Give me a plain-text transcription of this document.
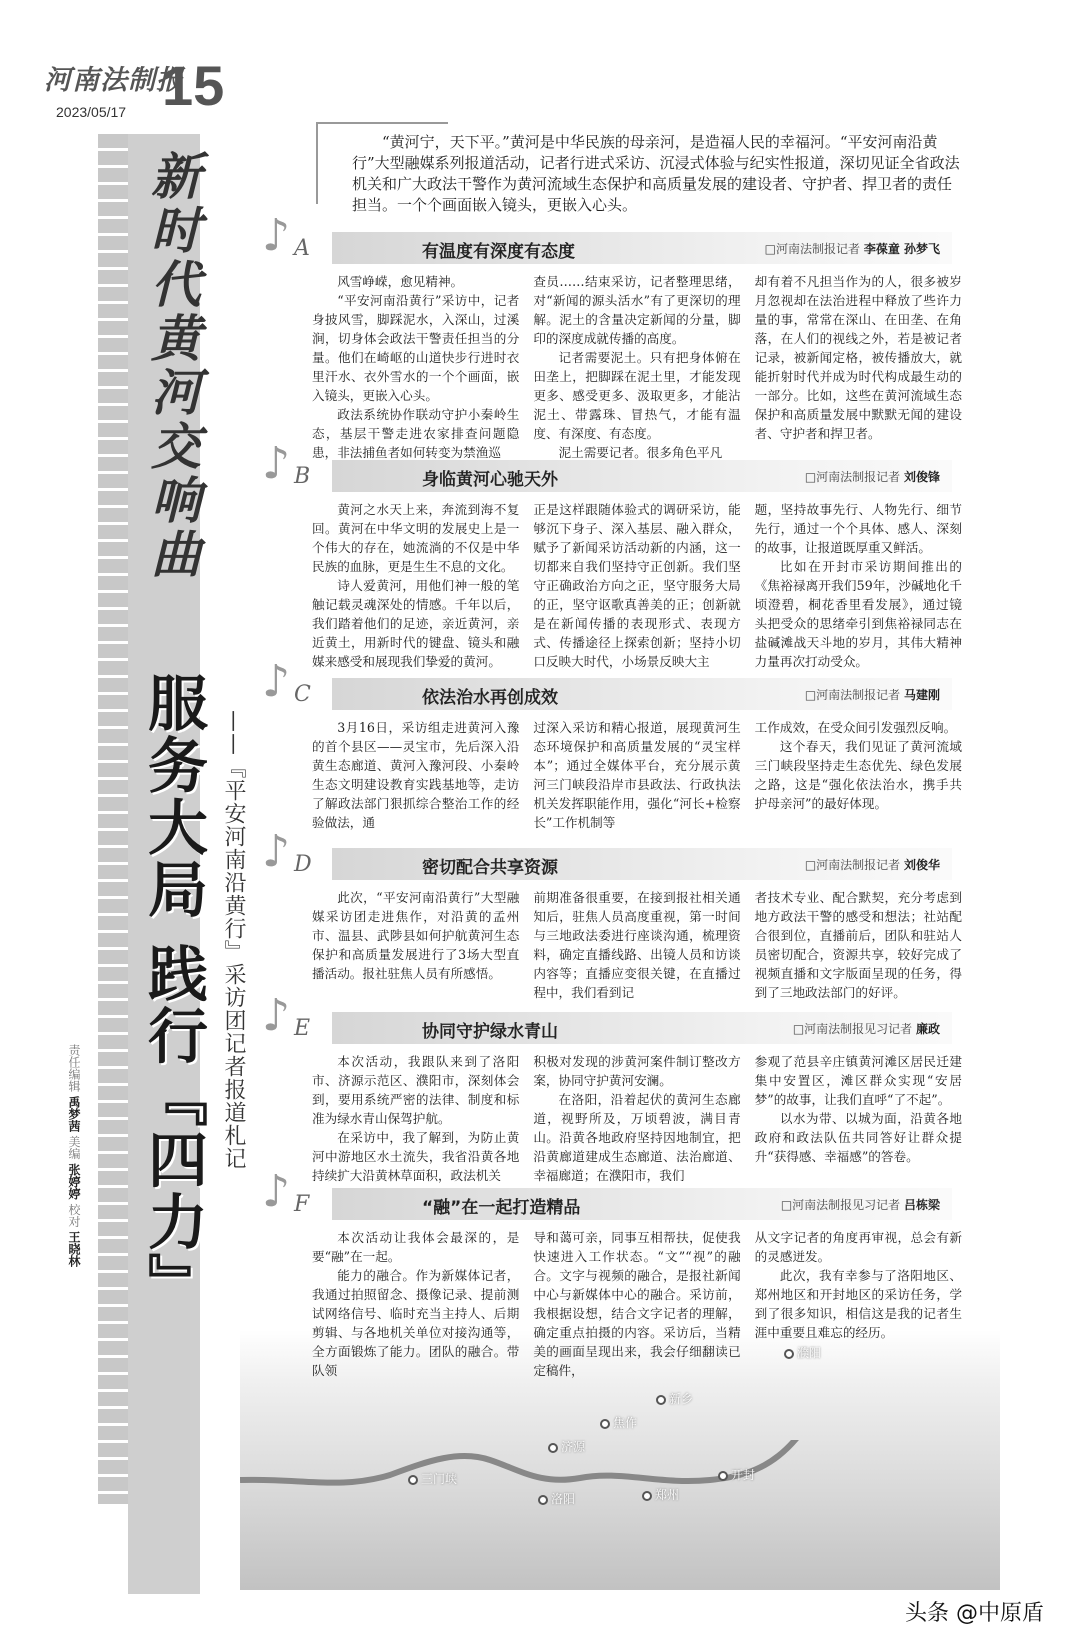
河南法制报
2023/05/17 15
新时代黄河交响曲
服务大局 践行『四力』 ——『平安河南沿黄行』采访团记者报道札记
责任编辑 禹梦茜 美编 张婷婷 校对 王晓林
“黄河宁，天下平。”黄河是中华民族的母亲河，是造福人民的幸福河。“平安河南沿黄行”大型融媒系列报道活动，记者行进式采访、沉浸式体验与纪实性报道，深切见证全省政法机关和广大政法干警作为黄河流域生态保护和高质量发展的建设者、守护者、捍卫者的责任担当。一个个画面嵌入镜头，更嵌入心头。
濮阳
新乡
焦作
济源
三门峡	开封
郑州
洛阳
♪ A	有温度有深度有态度	□河南法制报记者 李葆童 孙梦飞

风雪峥嵘，愈见精神。

“平安河南沿黄行”采访中，记者身披风雪，脚踩泥水，入深山，过溪涧，切身体会政法干警责任担当的分量。他们在崎岖的山道快步行进时衣里汗水、衣外雪水的一个个画面，嵌入镜头，更嵌入心头。

政法系统协作联动守护小秦岭生态，基层干警走进农家排查问题隐患，非法捕鱼者如何转变为禁渔巡

查员……结束采访，记者整理思绪，对“新闻的源头活水”有了更深切的理解。泥土的含量决定新闻的分量，脚印的深度成就传播的高度。

记者需要泥土。只有把身体俯在田垄上，把脚踩在泥土里，才能发现更多、感受更多、汲取更多，才能沾泥土、带露珠、冒热气，才能有温度、有深度、有态度。

泥土需要记者。很多角色平凡

却有着不凡担当作为的人，很多被岁月忽视却在法治进程中释放了些许力量的事，常常在深山、在田垄、在角落，在人们的视线之外，若是被记者记录，被新闻定格，被传播放大，就能折射时代并成为时代构成最生动的一部分。比如，这些在黄河流域生态保护和高质量发展中默默无闻的建设者、守护者和捍卫者。

♪ B	身临黄河心驰天外	□河南法制报记者 刘俊锋

黄河之水天上来，奔流到海不复回。黄河在中华文明的发展史上是一个伟大的存在，她流淌的不仅是中华民族的血脉，更是生生不息的文化。

诗人爱黄河，用他们神一般的笔触记载灵魂深处的情感。千年以后，我们踏着他们的足迹，亲近黄河，亲近黄土，用新时代的键盘、镜头和融媒来感受和展现我们挚爱的黄河。

正是这样跟随体验式的调研采访，能够沉下身子、深入基层、融入群众，赋予了新闻采访活动新的内涵，这一切都来自我们坚持守正创新。我们坚守正确政治方向之正，坚守服务大局的正，坚守讴歌真善美的正；创新就是在新闻传播的表现形式、表现方式、传播途径上探索创新；坚持小切口反映大时代，小场景反映大主

题，坚持故事先行、人物先行、细节先行，通过一个个具体、感人、深刻的故事，让报道既厚重又鲜活。

比如在开封市采访期间推出的《焦裕禄离开我们59年，沙碱地化千顷澄碧，桐花香里看发展》，通过镜头把受众的思绪牵引到焦裕禄同志在盐碱滩战天斗地的岁月，其伟大精神力量再次打动受众。

♪ C	依法治水再创成效	□河南法制报记者 马建刚

3月16日，采访组走进黄河入豫的首个县区——灵宝市，先后深入沿黄生态廊道、黄河入豫河段、小秦岭生态文明建设教育实践基地等，走访了解政法部门狠抓综合整治工作的经验做法，通

过深入采访和精心报道，展现黄河生态环境保护和高质量发展的“灵宝样本”；通过全媒体平台，充分展示黄河三门峡段沿岸市县政法、行政执法机关发挥职能作用，强化“河长+检察长”工作机制等

工作成效，在受众间引发强烈反响。

这个春天，我们见证了黄河流域三门峡段坚持走生态优先、绿色发展之路，这是“强化依法治水，携手共护母亲河”的最好体现。

♪ D	密切配合共享资源	□河南法制报记者 刘俊华

此次，“平安河南沿黄行”大型融媒采访团走进焦作，对沿黄的孟州市、温县、武陟县如何护航黄河生态保护和高质量发展进行了3场大型直播活动。报社驻焦人员有所感悟。

前期准备很重要，在接到报社相关通知后，驻焦人员高度重视，第一时间与三地政法委进行座谈沟通，梳理资料，确定直播线路、出镜人员和访谈内容等；直播应变很关键，在直播过程中，我们看到记

者技术专业、配合默契，充分考虑到地方政法干警的感受和想法；社站配合很到位，直播前后，团队和驻站人员密切配合，资源共享，较好完成了视频直播和文字版面呈现的任务，得到了三地政法部门的好评。

♪ E	协同守护绿水青山	□河南法制报见习记者 廉政

本次活动，我跟队来到了洛阳市、济源示范区、濮阳市，深刻体会到，要用系统严密的法律、制度和标准为绿水青山保驾护航。

在采访中，我了解到，为防止黄河中游地区水土流失，我省沿黄各地持续扩大沿黄林草面积，政法机关

积极对发现的涉黄河案件制订整改方案，协同守护黄河安澜。

在洛阳，沿着起伏的黄河生态廊道，视野所及，万顷碧波，满目青山。沿黄各地政府坚持因地制宜，把沿黄廊道建成生态廊道、法治廊道、幸福廊道；在濮阳市，我们

参观了范县辛庄镇黄河滩区居民迁建集中安置区，滩区群众实现“安居梦”的故事，让我们直呼“了不起”。

以水为带、以城为面，沿黄各地政府和政法队伍共同答好让群众提升“获得感、幸福感”的答卷。

♪ F	“融”在一起打造精品	□河南法制报见习记者 吕栋梁

本次活动让我体会最深的，是要“融”在一起。

能力的融合。作为新媒体记者，我通过拍照留念、摄像记录、提前测试网络信号、临时充当主持人、后期剪辑、与各地机关单位对接沟通等，全方面锻炼了能力。团队的融合。带队领

导和蔼可亲，同事互相帮扶，促使我快速进入工作状态。“文”“视”的融合。文字与视频的融合，是报社新闻中心与新媒体中心的融合。采访前，我根据设想，结合文字记者的理解，确定重点拍摄的内容。采访后，当精美的画面呈现出来，我会仔细翻读已定稿件，

从文字记者的角度再审视，总会有新的灵感迸发。

此次，我有幸参与了洛阳地区、郑州地区和开封地区的采访任务，学到了很多知识，相信这是我的记者生涯中重要且难忘的经历。

头条 @中原盾
